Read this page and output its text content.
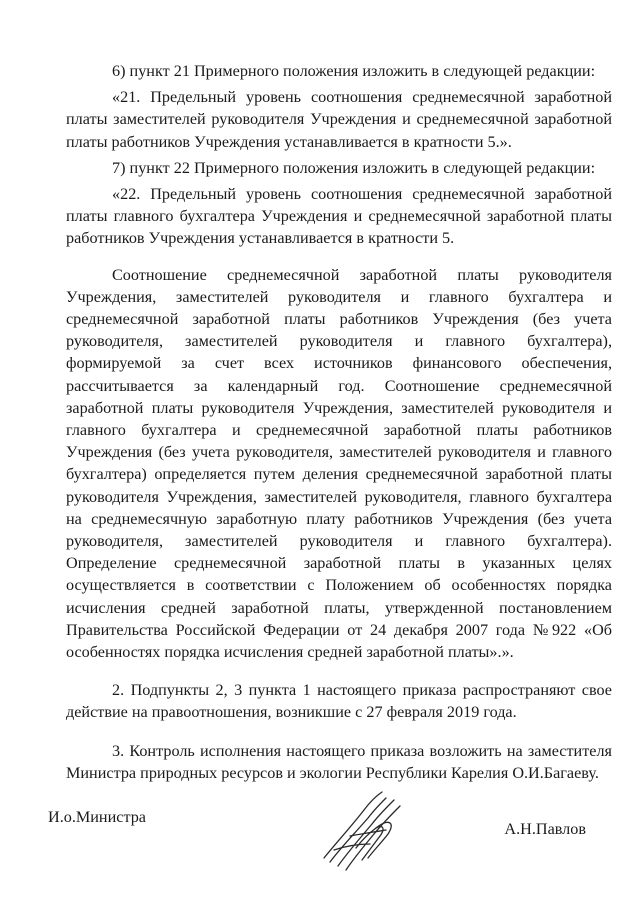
6) пункт 21 Примерного положения изложить в следующей редакции:

«21. Предельный уровень соотношения среднемесячной заработной платы заместителей руководителя Учреждения и среднемесячной заработной платы работников Учреждения устанавливается в кратности 5.».

7) пункт 22 Примерного положения изложить в следующей редакции:

«22. Предельный уровень соотношения среднемесячной заработной платы главного бухгалтера Учреждения и среднемесячной заработной платы работников Учреждения устанавливается в кратности 5.

Соотношение среднемесячной заработной платы руководителя Учреждения, заместителей руководителя и главного бухгалтера и среднемесячной заработной платы работников Учреждения (без учета руководителя, заместителей руководителя и главного бухгалтера), формируемой за счет всех источников финансового обеспечения, рассчитывается за календарный год. Соотношение среднемесячной заработной платы руководителя Учреждения, заместителей руководителя и главного бухгалтера и среднемесячной заработной платы работников Учреждения (без учета руководителя, заместителей руководителя и главного бухгалтера) определяется путем деления среднемесячной заработной платы руководителя Учреждения, заместителей руководителя, главного бухгалтера на среднемесячную заработную плату работников Учреждения (без учета руководителя, заместителей руководителя и главного бухгалтера). Определение среднемесячной заработной платы в указанных целях осуществляется в соответствии с Положением об особенностях порядка исчисления средней заработной платы, утвержденной постановлением Правительства Российской Федерации от 24 декабря 2007 года №922 «Об особенностях порядка исчисления средней заработной платы».».

2. Подпункты 2, 3 пункта 1 настоящего приказа распространяют свое действие на правоотношения, возникшие с 27 февраля 2019 года.

3. Контроль исполнения настоящего приказа возложить на заместителя Министра природных ресурсов и экологии Республики Карелия О.И.Багаеву.

И.о.Министра
А.Н.Павлов
